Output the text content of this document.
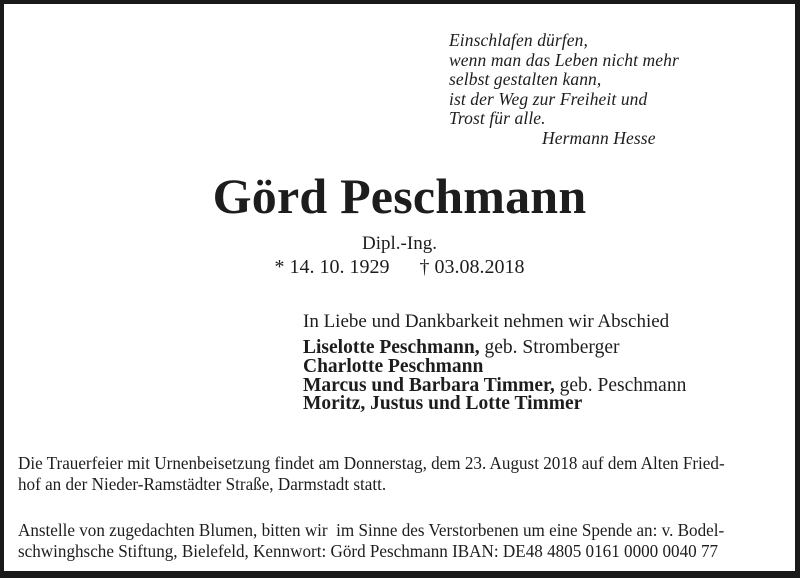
Einschlafen dürfen,
wenn man das Leben nicht mehr
selbst gestalten kann,
ist der Weg zur Freiheit und
Trost für alle.
Hermann Hesse
Görd Peschmann
Dipl.-Ing.
* 14. 10. 1929 † 03.08.2018
In Liebe und Dankbarkeit nehmen wir Abschied
Liselotte Peschmann, geb. Stromberger
Charlotte Peschmann
Marcus und Barbara Timmer, geb. Peschmann
Moritz, Justus und Lotte Timmer
Die Trauerfeier mit Urnenbeisetzung findet am Donnerstag, dem 23. August 2018 auf dem Alten Fried-
hof an der Nieder-Ramstädter Straße, Darmstadt statt.
Anstelle von zugedachten Blumen, bitten wir  im Sinne des Verstorbenen um eine Spende an: v. Bodel-
schwinghsche Stiftung, Bielefeld, Kennwort: Görd Peschmann IBAN: DE48 4805 0161 0000 0040 77
